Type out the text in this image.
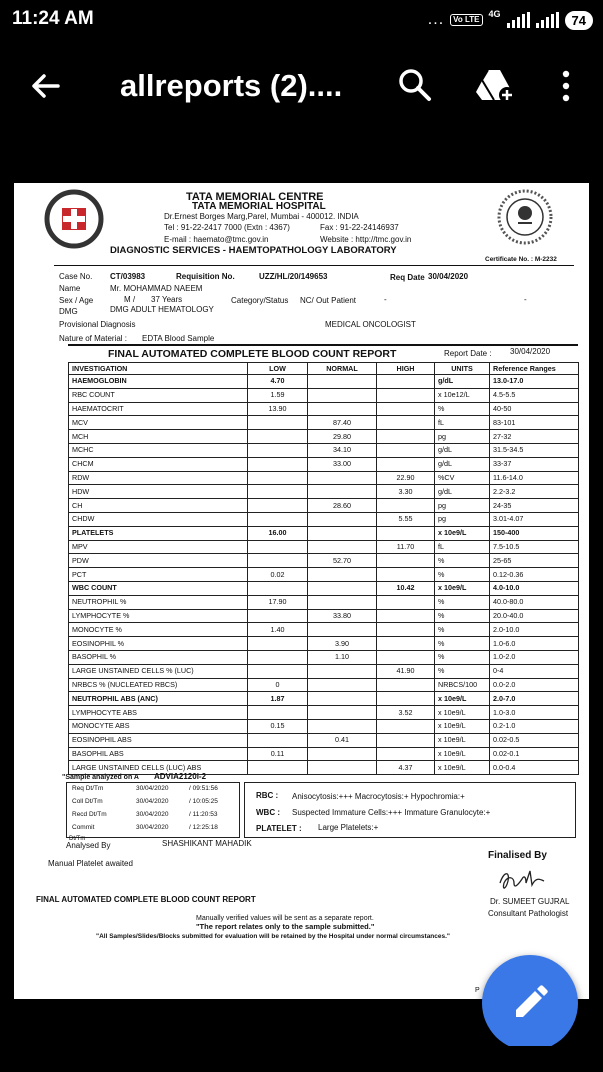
11:24 AM	...	Vo LTE
4G	74
allreports (2)....
TATA MEMORIAL CENTRE
TATA MEMORIAL HOSPITAL
Dr.Ernest Borges Marg,Parel, Mumbai - 400012. INDIA
Tel : 91-22-2417 7000 (Extn : 4367)	Fax : 91-22-24146937
E-mail : haemato@tmc.gov.in	Website : http://tmc.gov.in
DIAGNOSTIC SERVICES - HAEMTOPATHOLOGY LABORATORY
Certificate No. : M-2232
Case No. CT/03983	Requisition No.	UZZ/HL/20/149653	Req Date 30/04/2020
Name	Mr. MOHAMMAD NAEEM
Sex / Age	M / 37 Years	Category/Status NC/ Out Patient	-	-
DMG	DMG ADULT HEMATOLOGY
Provisional Diagnosis	MEDICAL ONCOLOGIST
Nature of Material : EDTA Blood Sample
FINAL AUTOMATED COMPLETE BLOOD COUNT REPORT	Report Date : 30/04/2020
INVESTIGATION	LOW	NORMAL	HIGH	UNITS	Reference Ranges
HAEMOGLOBIN	4.70			g/dL	13.0-17.0
RBC COUNT	1.59			x 10e12/L	4.5-5.5
HAEMATOCRIT	13.90			%	40-50
MCV		87.40		fL	83-101
MCH		29.80		pg	27-32
MCHC		34.10		g/dL	31.5-34.5
CHCM		33.00		g/dL	33-37
RDW			22.90	%CV	11.6-14.0
HDW			3.30	g/dL	2.2-3.2
CH		28.60		pg	24-35
CHDW			5.55	pg	3.01-4.07
PLATELETS	16.00			x 10e9/L	150-400
MPV			11.70	fL	7.5-10.5
PDW		52.70		%	25-65
PCT	0.02			%	0.12-0.36
WBC COUNT			10.42	x 10e9/L	4.0-10.0
NEUTROPHIL %	17.90			%	40.0-80.0
LYMPHOCYTE %		33.80		%	20.0-40.0
MONOCYTE %	1.40			%	2.0-10.0
EOSINOPHIL %		3.90		%	1.0-6.0
BASOPHIL %		1.10		%	1.0-2.0
LARGE UNSTAINED CELLS % (LUC)			41.90	%	0-4
NRBCS % (NUCLEATED RBCS)	0			NRBCS/100	0.0-2.0
NEUTROPHIL ABS (ANC)	1.87			x 10e9/L	2.0-7.0
LYMPHOCYTE ABS			3.52	x 10e9/L	1.0-3.0
MONOCYTE ABS	0.15			x 10e9/L	0.2-1.0
EOSINOPHIL ABS		0.41		x 10e9/L	0.02-0.5
BASOPHIL ABS	0.11			x 10e9/L	0.02-0.1
LARGE UNSTAINED CELLS (LUC) ABS			4.37	x 10e9/L	0.0-0.4
"Sample analyzed on A ADVIA2120i-2
Req Dt/Tm	30/04/2020	/ 09:51:56
Coll Dt/Tm	30/04/2020	/ 10:05:25
Recd Dt/Tm	30/04/2020	/ 11:20:53
Commit	30/04/2020	/ 12:25:18
Dt/Tm
Analysed By	SHASHIKANT MAHADIK
RBC : Anisocytosis:+++ Macrocytosis:+ Hypochromia:+
WBC : Suspected Immature Cells:+++ Immature Granulocyte:+
PLATELET : Large Platelets:+
Manual Platelet awaited
Finalised By
Dr. SUMEET GUJRAL
Consultant Pathologist
FINAL AUTOMATED COMPLETE BLOOD COUNT REPORT
Manually verified values will be sent as a separate report.
"The report relates only to the sample submitted."
"All Samples/Slides/Blocks submitted for evaluation will be retained by the Hospital under normal circumstances."
P
